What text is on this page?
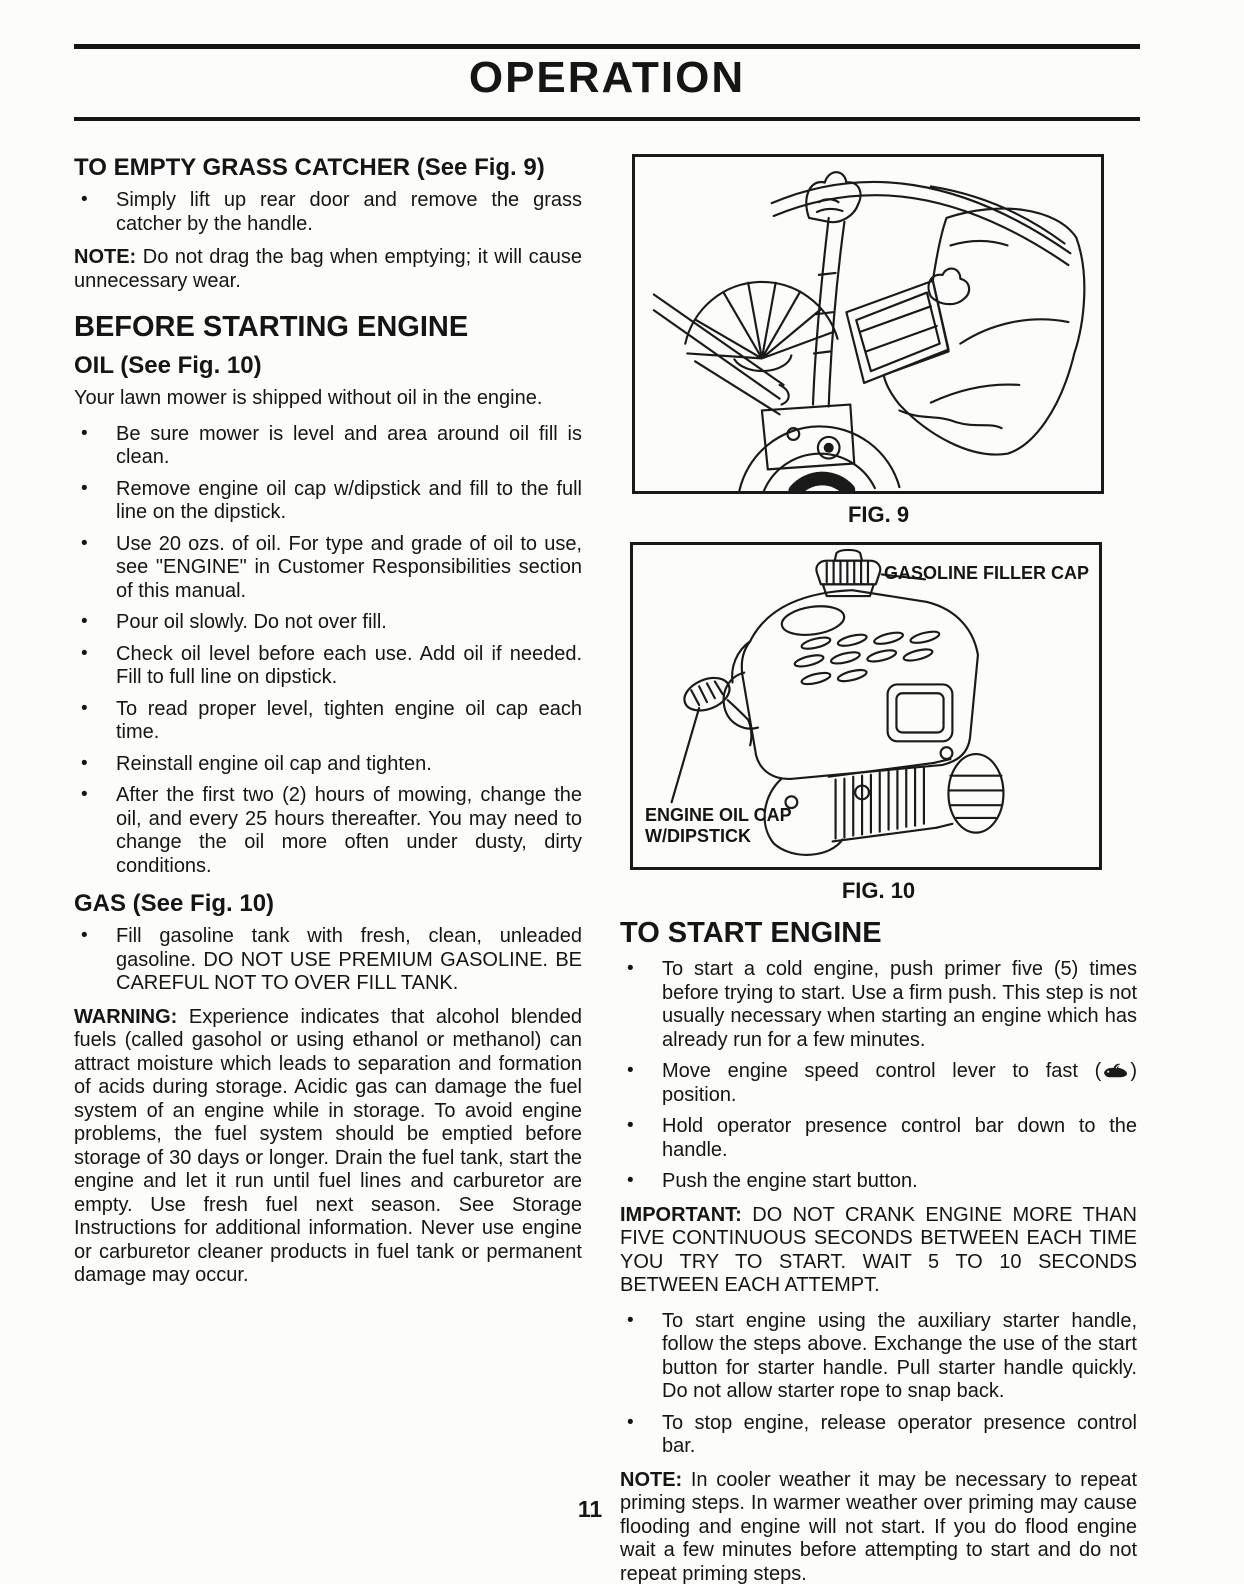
OPERATION
TO EMPTY GRASS CATCHER (See Fig. 9)
• Simply lift up rear door and remove the grass catcher by the handle.

NOTE: Do not drag the bag when emptying; it will cause unnecessary wear.

BEFORE STARTING ENGINE
OIL (See Fig. 10)

Your lawn mower is shipped without oil in the engine.

• Be sure mower is level and area around oil fill is clean.
• Remove engine oil cap w/dipstick and fill to the full line on the dipstick.
• Use 20 ozs. of oil. For type and grade of oil to use, see "ENGINE" in Customer Responsibilities section of this manual.
• Pour oil slowly. Do not over fill.
• Check oil level before each use. Add oil if needed. Fill to full line on dipstick.
• To read proper level, tighten engine oil cap each time.
• Reinstall engine oil cap and tighten.
• After the first two (2) hours of mowing, change the oil, and every 25 hours thereafter. You may need to change the oil more often under dusty, dirty conditions.
GAS (See Fig. 10)
• Fill gasoline tank with fresh, clean, unleaded gasoline. DO NOT USE PREMIUM GASOLINE. BE CAREFUL NOT TO OVER FILL TANK.

WARNING: Experience indicates that alcohol blended fuels (called gasohol or using ethanol or methanol) can attract moisture which leads to separation and formation of acids during storage. Acidic gas can damage the fuel system of an engine while in storage. To avoid engine problems, the fuel system should be emptied before storage of 30 days or longer. Drain the fuel tank, start the engine and let it run until fuel lines and carburetor are empty. Use fresh fuel next season. See Storage Instructions for additional information. Never use engine or carburetor cleaner products in fuel tank or permanent damage may occur.

FIG. 9
GASOLINE FILLER CAP
ENGINE OIL CAP
W/DIPSTICK
FIG. 10
TO START ENGINE
• To start a cold engine, push primer five (5) times before trying to start. Use a firm push. This step is not usually necessary when starting an engine which has already run for a few minutes.
• Move engine speed control lever to fast ( ) position.
• Hold operator presence control bar down to the handle.
• Push the engine start button.

IMPORTANT: DO NOT CRANK ENGINE MORE THAN FIVE CONTINUOUS SECONDS BETWEEN EACH TIME YOU TRY TO START. WAIT 5 TO 10 SECONDS BETWEEN EACH ATTEMPT.

• To start engine using the auxiliary starter handle, follow the steps above. Exchange the use of the start button for starter handle. Pull starter handle quickly. Do not allow starter rope to snap back.
• To stop engine, release operator presence control bar.

NOTE: In cooler weather it may be necessary to repeat priming steps. In warmer weather over priming may cause flooding and engine will not start. If you do flood engine wait a few minutes before attempting to start and do not repeat priming steps.

11
